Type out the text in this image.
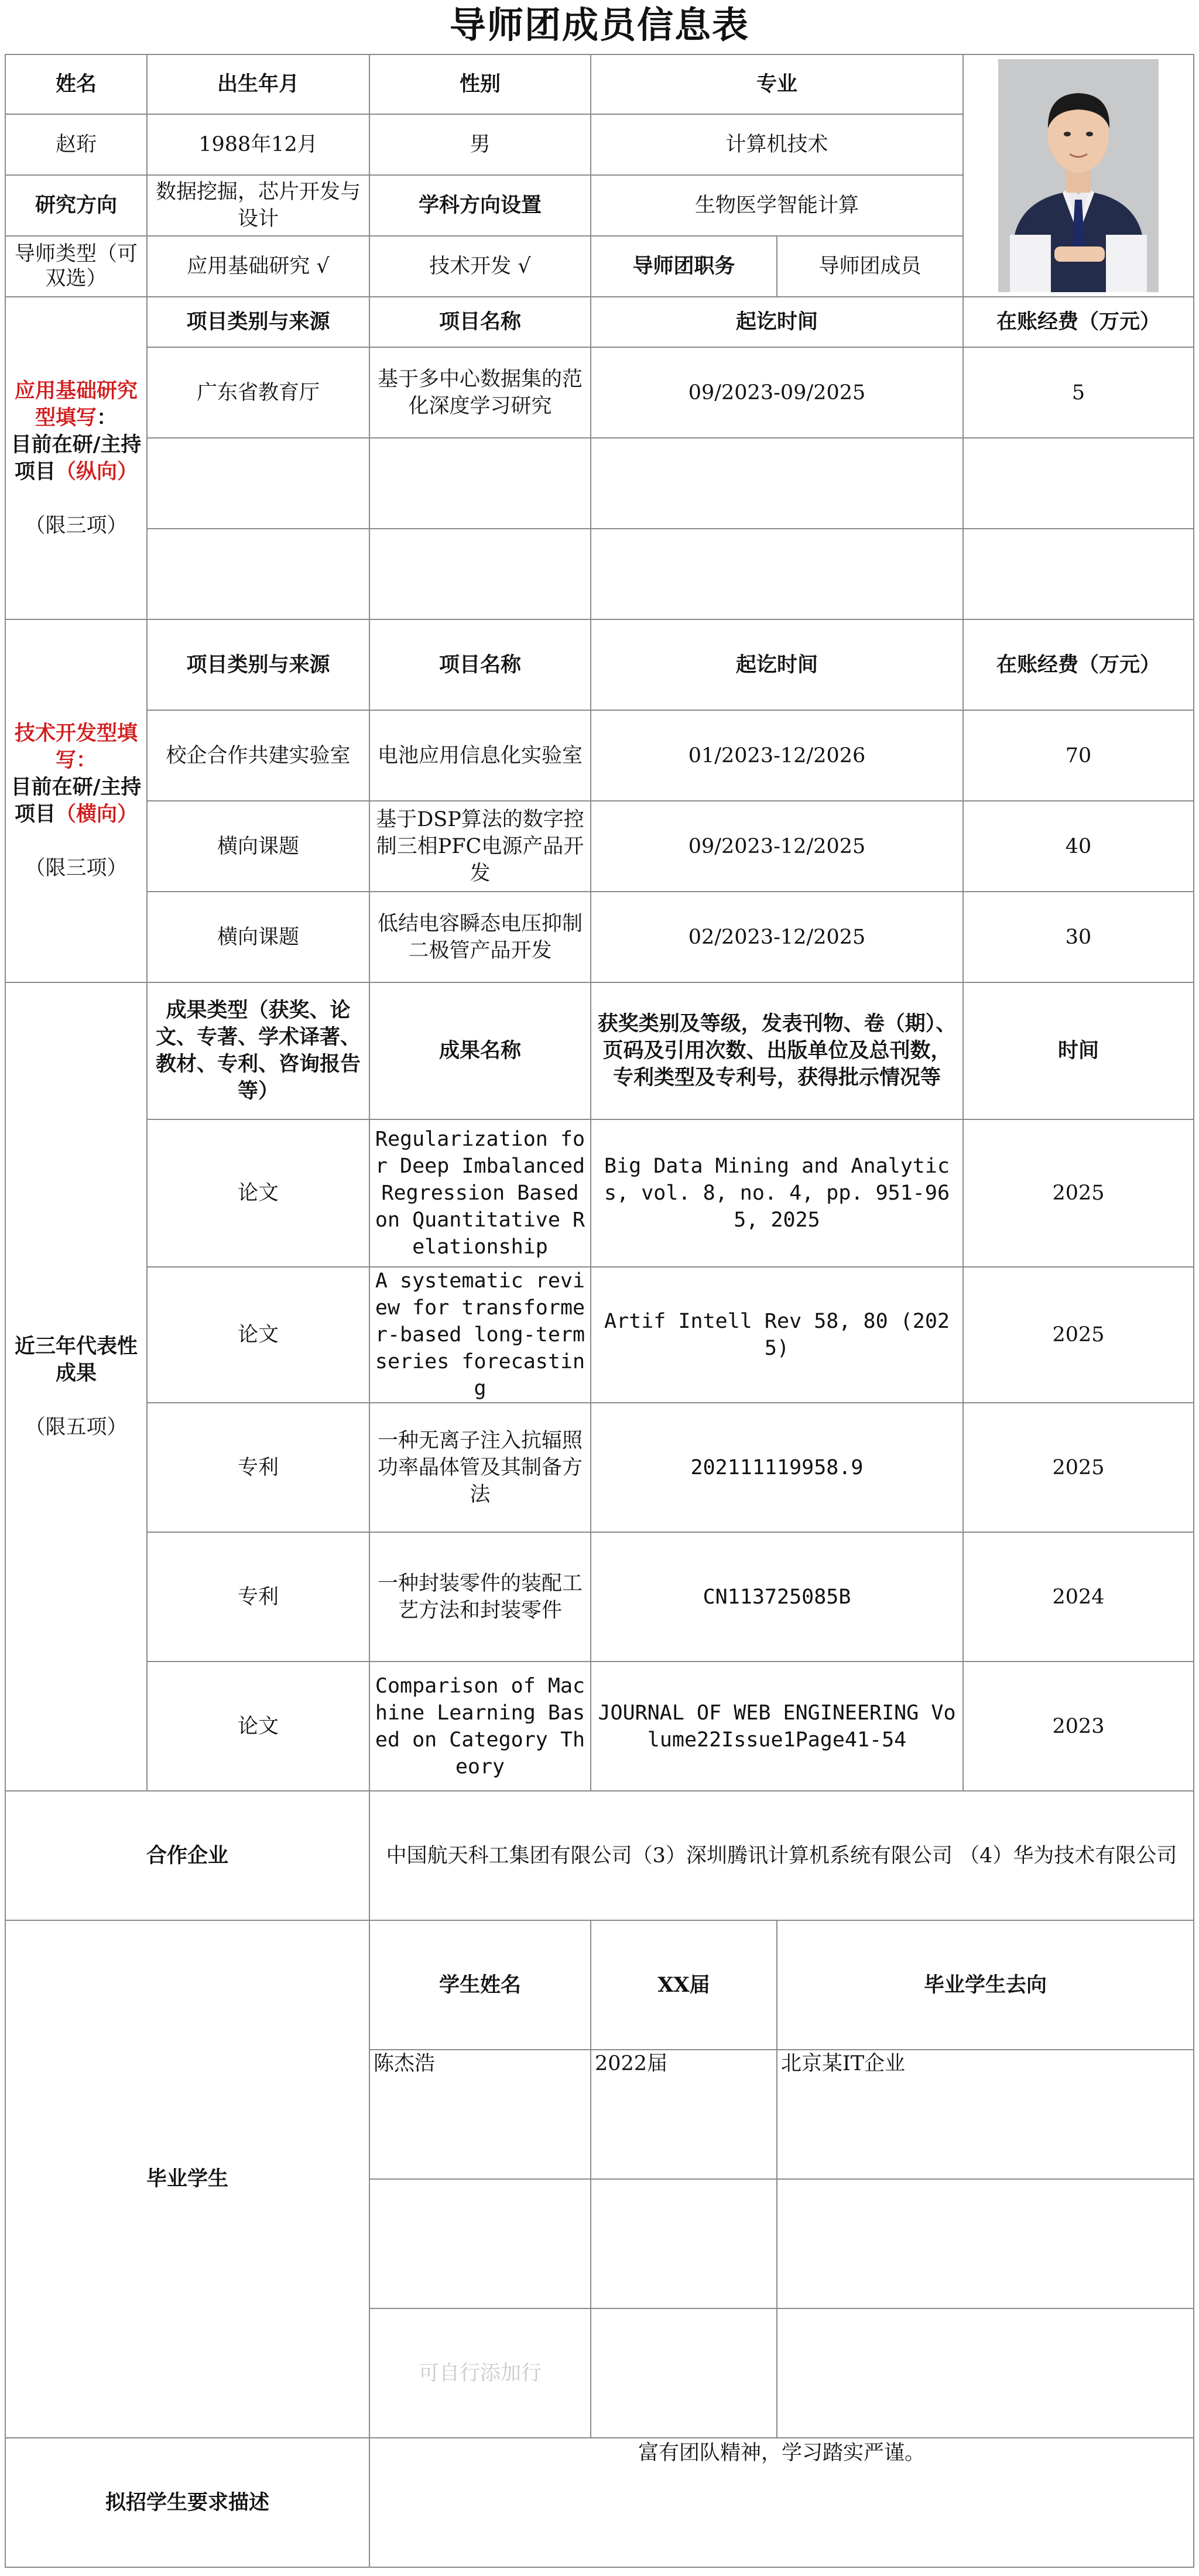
导师团成员信息表
姓名	出生年月	性别	专业	

赵珩	1988年12月	男	计算机技术		
研究方向	数据挖掘，芯片开发与设计	学科方向设置	生物医学智能计算		
导师类型（可双选）	应用基础研究 √	技术开发 √	导师团职务	导师团成员	
应用基础研究型填写：
目前在研/主持项目（纵向）

（限三项）	项目类别与来源	项目名称	起讫时间		在账经费（万元）
	广东省教育厅	基于多中心数据集的范化深度学习研究	09/2023-09/2025		5

技术开发型填写：
目前在研/主持项目（横向）

（限三项）	项目类别与来源	项目名称	起讫时间		在账经费（万元）
	校企合作共建实验室	电池应用信息化实验室	01/2023-12/2026		70
	横向课题	基于DSP算法的数字控制三相PFC电源产品开发	09/2023-12/2025		40
	横向课题	低结电容瞬态电压抑制二极管产品开发	02/2023-12/2025		30
近三年代表性成果

（限五项）	成果类型（获奖、论文、专著、学术译著、教材、专利、咨询报告等）	成果名称	获奖类别及等级，发表刊物、卷（期）、页码及引用次数、出版单位及总刊数，专利类型及专利号，获得批示情况等		时间
	论文	Regularization for Deep Imbalanced Regression Based on Quantitative Relationship	Big Data Mining and Analytics, vol. 8, no. 4, pp. 951-965, 2025		2025
	论文	A systematic review for transformer-based long-term series forecasting	Artif Intell Rev 58, 80 (2025)		2025
	专利	一种无离子注入抗辐照功率晶体管及其制备方法	202111119958.9		2025
	专利	一种封装零件的装配工艺方法和封装零件	CN113725085B		2024
	论文	Comparison of Machine Learning Based on Category Theory	JOURNAL OF WEB ENGINEERING Volume22Issue1Page41-54		2023
合作企业		中国航天科工集团有限公司（3）深圳腾讯计算机系统有限公司 （4）华为技术有限公司			
毕业学生		学生姓名	XX届	毕业学生去向	
		陈杰浩	2022届	北京某IT企业	

		可自行添加行			
拟招学生要求描述		富有团队精神，学习踏实严谨。			
